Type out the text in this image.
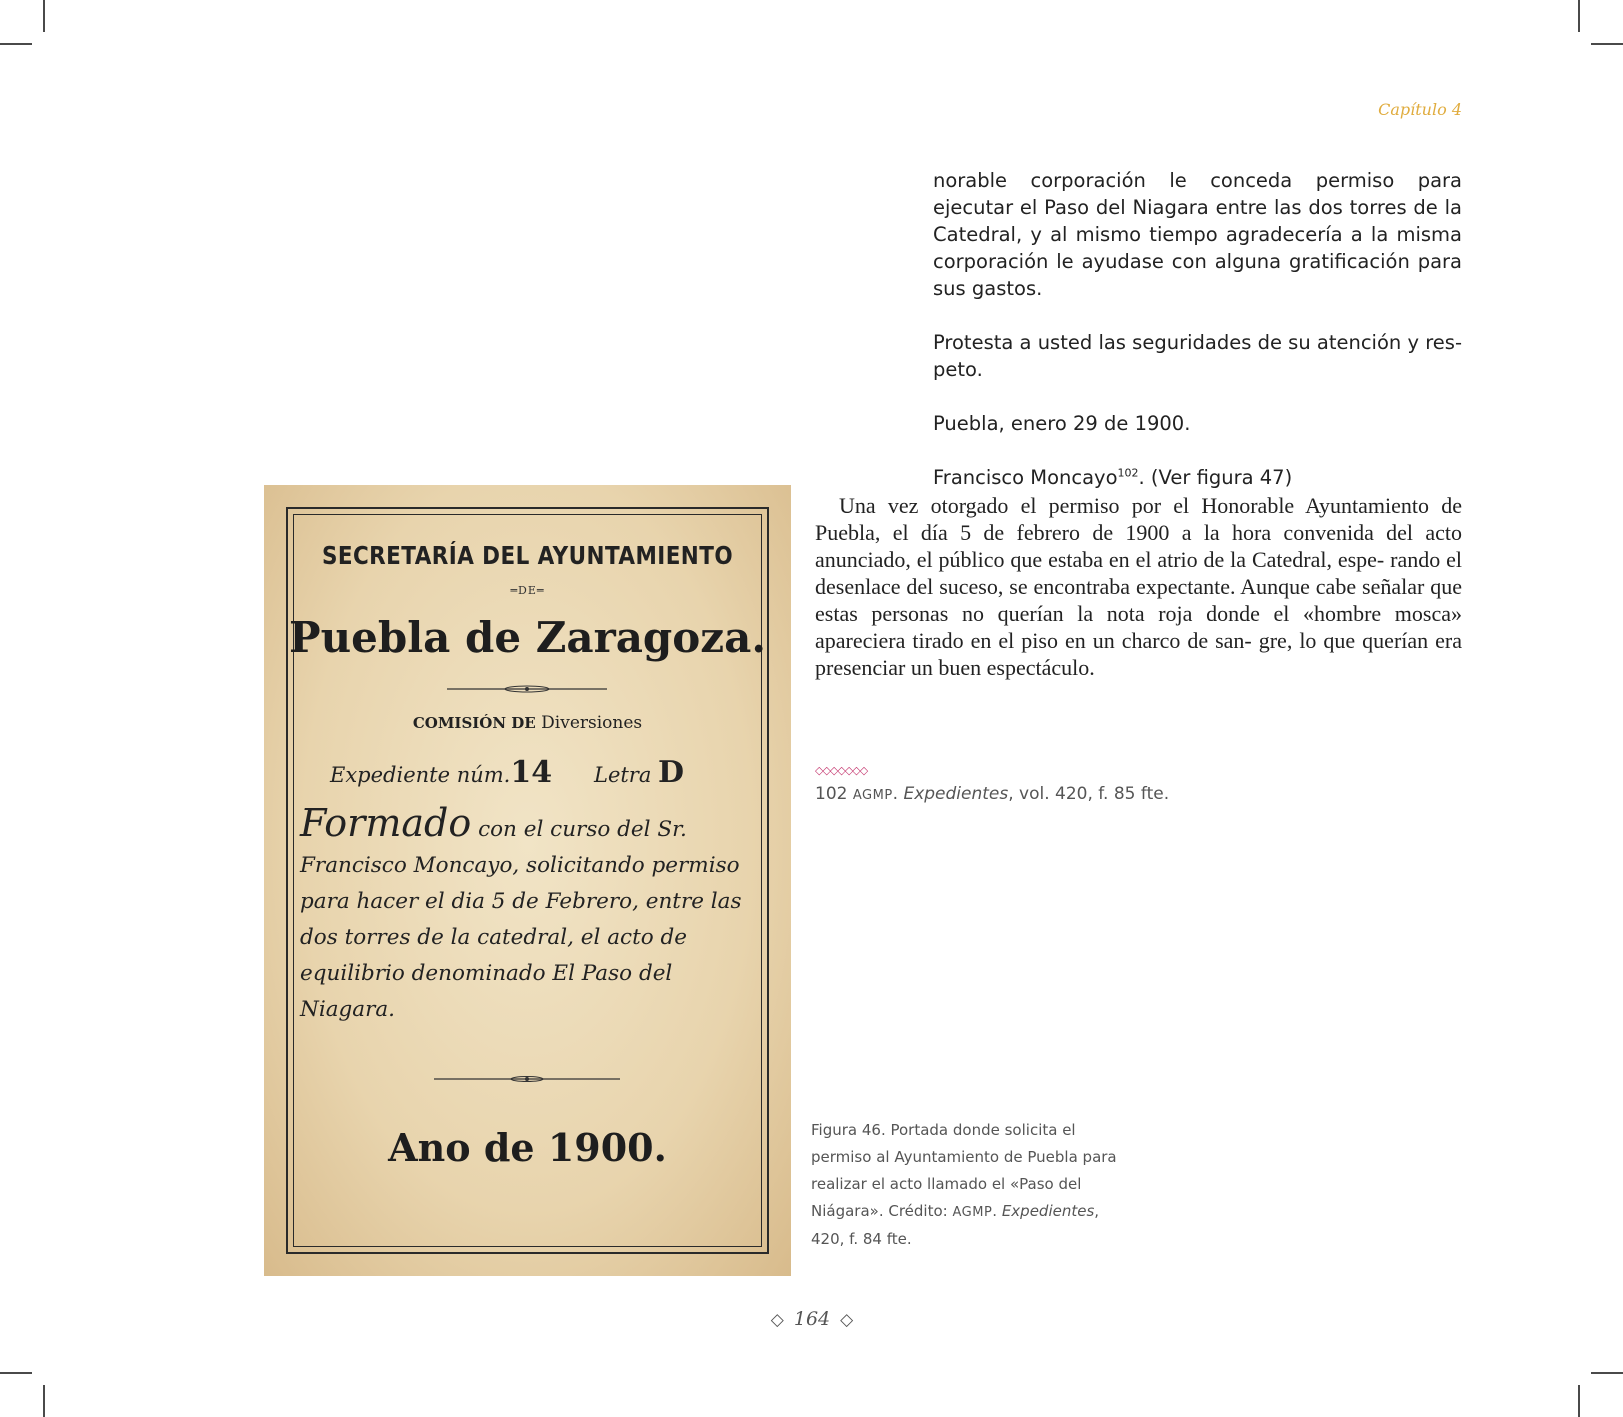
Capítulo 4

norable corporación le conceda permiso para ejecutar el Paso del Niagara entre las dos torres de la Catedral, y al mismo tiempo agradecería a la misma corporación le ayudase con alguna gratificación para sus gastos.

Protesta a usted las seguridades de su atención y res- peto.

Puebla, enero 29 de 1900.

Francisco Moncayo$^{102}$. (Ver figura 47)

Una vez otorgado el permiso por el Honorable Ayuntamiento de Puebla, el día 5 de febrero de 1900 a la hora convenida del acto anunciado, el público que estaba en el atrio de la Catedral, espe- rando el desenlace del suceso, se encontraba expectante. Aunque cabe señalar que estas personas no querían la nota roja donde el «hombre mosca» apareciera tirado en el piso en un charco de san- gre, lo que querían era presenciar un buen espectáculo.

◇◇◇◇◇◇◇
102 AGMP. Expedientes, vol. 420, f. 85 fte.
SECRETARÍA DEL AYUNTAMIENTO
═DE═
Puebla de Zaragoza.
COMISIÓN DE Diversiones
Expediente núm.14 Letra D
Formado con el curso del Sr. Francisco Moncayo, solicitando permiso para hacer el dia 5 de Febrero, entre las dos torres de la catedral, el acto de equilibrio denominado El Paso del Niagara.
Ano de 1900.	Figura 46. Portada donde solicita el permiso al Ayuntamiento de Puebla para realizar el acto llamado el «Paso del Niágara». Crédito: AGMP. Expedientes, 420, f. 84 fte.
◇ 164 ◇
